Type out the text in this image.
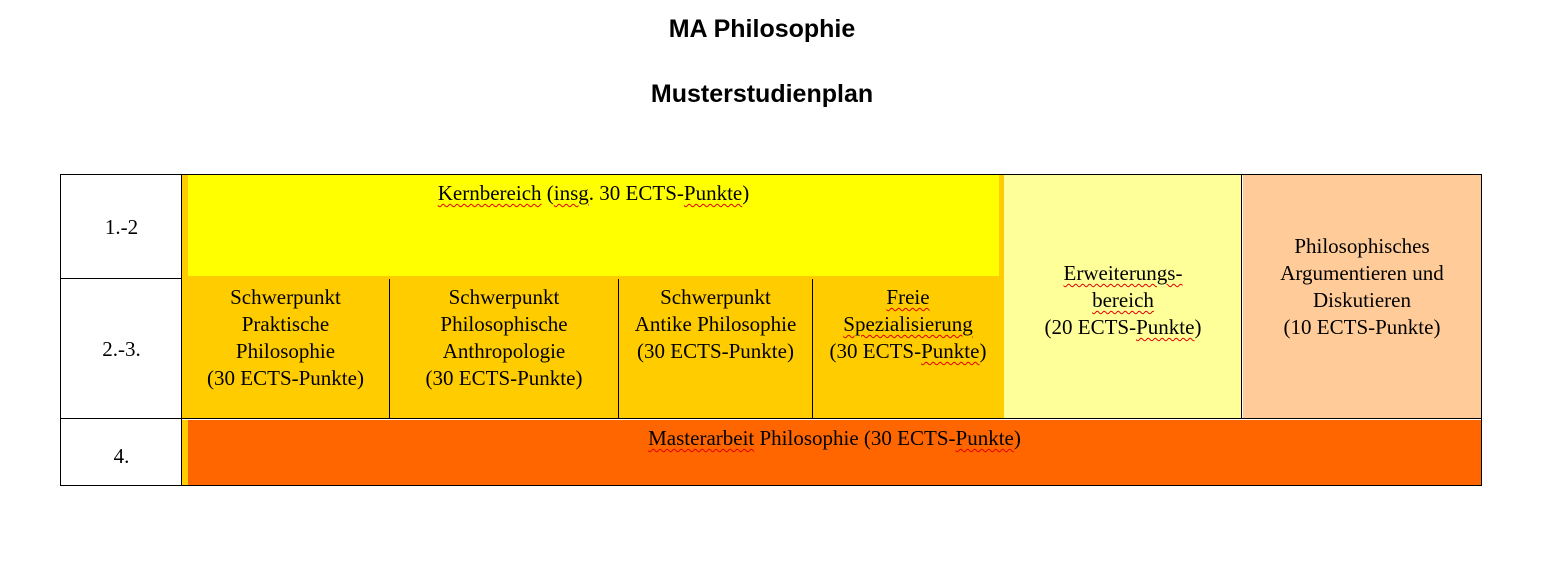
MA Philosophie
Musterstudienplan
1.-2
2.-3.
4.
Kernbereich (insg. 30 ECTS-Punkte)
Schwerpunkt
Praktische
Philosophie
(30 ECTS-Punkte)
Schwerpunkt
Philosophische
Anthropologie
(30 ECTS-Punkte)
Schwerpunkt
Antike Philosophie
(30 ECTS-Punkte)
Freie
Spezialisierung
(30 ECTS-Punkte)
Erweiterungs-
bereich
(20 ECTS-Punkte)
Philosophisches
Argumentieren und
Diskutieren
(10 ECTS-Punkte)
Masterarbeit Philosophie (30 ECTS-Punkte)
